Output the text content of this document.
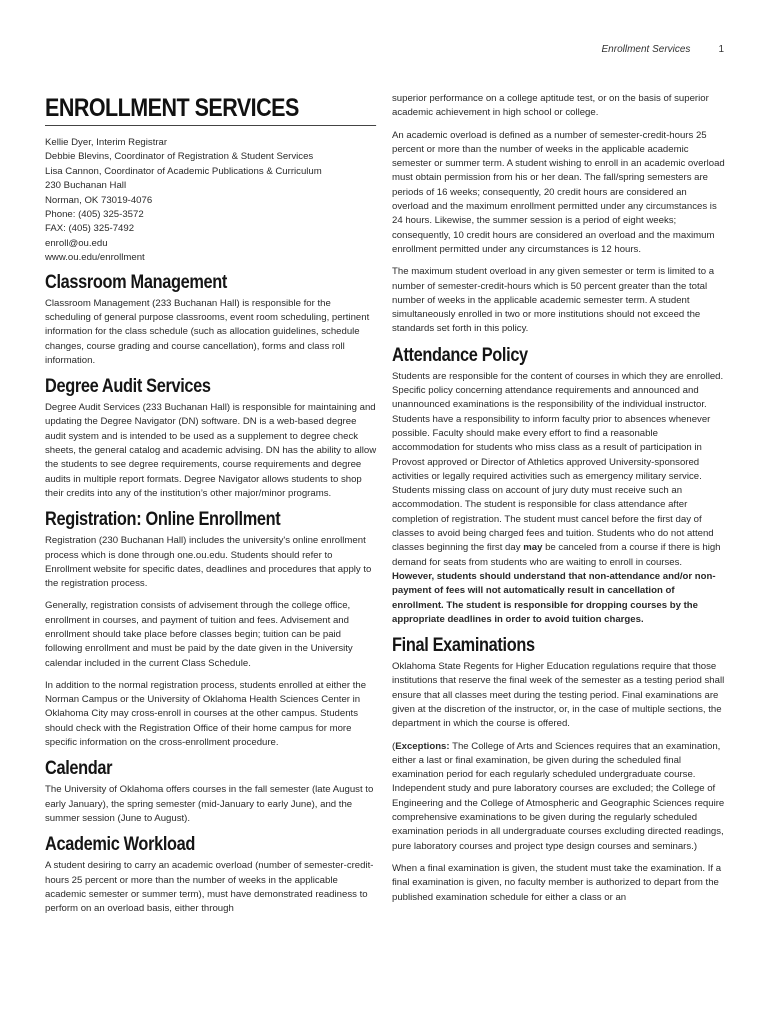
Enrollment Services	1
ENROLLMENT SERVICES
Kellie Dyer, Interim Registrar
Debbie Blevins, Coordinator of Registration & Student Services
Lisa Cannon, Coordinator of Academic Publications & Curriculum
230 Buchanan Hall
Norman, OK 73019-4076
Phone: (405) 325-3572
FAX: (405) 325-7492
enroll@ou.edu
www.ou.edu/enrollment
Classroom Management

Classroom Management (233 Buchanan Hall) is responsible for the scheduling of general purpose classrooms, event room scheduling, pertinent information for the class schedule (such as allocation guidelines, schedule changes, course grading and course cancellation), forms and class roll information.

Degree Audit Services

Degree Audit Services (233 Buchanan Hall) is responsible for maintaining and updating the Degree Navigator (DN) software. DN is a web-based degree audit system and is intended to be used as a supplement to degree check sheets, the general catalog and academic advising. DN has the ability to allow the students to see degree requirements, course requirements and degree audits in multiple report formats. Degree Navigator allows students to shop their credits into any of the institution’s other major/minor programs.

Registration: Online Enrollment

Registration (230 Buchanan Hall) includes the university's online enrollment process which is done through one.ou.edu. Students should refer to Enrollment website for specific dates, deadlines and procedures that apply to the registration process.

Generally, registration consists of advisement through the college office, enrollment in courses, and payment of tuition and fees. Advisement and enrollment should take place before classes begin; tuition can be paid following enrollment and must be paid by the date given in the University calendar included in the current Class Schedule.

In addition to the normal registration process, students enrolled at either the Norman Campus or the University of Oklahoma Health Sciences Center in Oklahoma City may cross-enroll in courses at the other campus. Students should check with the Registration Office of their home campus for more specific information on the cross-enrollment procedure.

Calendar

The University of Oklahoma offers courses in the fall semester (late August to early January), the spring semester (mid-January to early June), and the summer session (June to August).

Academic Workload

A student desiring to carry an academic overload (number of semester-credit-hours 25 percent or more than the number of weeks in the applicable academic semester or summer term), must have demonstrated readiness to perform on an overload basis, either through

superior performance on a college aptitude test, or on the basis of superior academic achievement in high school or college.

An academic overload is defined as a number of semester-credit-hours 25 percent or more than the number of weeks in the applicable academic semester or summer term. A student wishing to enroll in an academic overload must obtain permission from his or her dean. The fall/spring semesters are periods of 16 weeks; consequently, 20 credit hours are considered an overload and the maximum enrollment permitted under any circumstances is 24 hours. Likewise, the summer session is a period of eight weeks; consequently, 10 credit hours are considered an overload and the maximum enrollment permitted under any circumstances is 12 hours.

The maximum student overload in any given semester or term is limited to a number of semester-credit-hours which is 50 percent greater than the total number of weeks in the applicable academic semester term. A student simultaneously enrolled in two or more institutions should not exceed the standards set forth in this policy.

Attendance Policy

Students are responsible for the content of courses in which they are enrolled. Specific policy concerning attendance requirements and announced and unannounced examinations is the responsibility of the individual instructor. Students have a responsibility to inform faculty prior to absences whenever possible. Faculty should make every effort to find a reasonable accommodation for students who miss class as a result of participation in Provost approved or Director of Athletics approved University-sponsored activities or legally required activities such as emergency military service. Students missing class on account of jury duty must receive such an accommodation. The student is responsible for class attendance after completion of registration. The student must cancel before the first day of classes to avoid being charged fees and tuition. Students who do not attend classes beginning the first day may be canceled from a course if there is high demand for seats from students who are waiting to enroll in courses. However, students should understand that non-attendance and/or non-payment of fees will not automatically result in cancellation of enrollment. The student is responsible for dropping courses by the appropriate deadlines in order to avoid tuition charges.

Final Examinations

Oklahoma State Regents for Higher Education regulations require that those institutions that reserve the final week of the semester as a testing period shall ensure that all classes meet during the testing period. Final examinations are given at the discretion of the instructor, or, in the case of multiple sections, the department in which the course is offered.

(Exceptions: The College of Arts and Sciences requires that an examination, either a last or final examination, be given during the scheduled final examination period for each regularly scheduled undergraduate course. Independent study and pure laboratory courses are excluded; the College of Engineering and the College of Atmospheric and Geographic Sciences require comprehensive examinations to be given during the regularly scheduled examination periods in all undergraduate courses excluding directed readings, pure laboratory courses and project type design courses and seminars.)

When a final examination is given, the student must take the examination. If a final examination is given, no faculty member is authorized to depart from the published examination schedule for either a class or an
